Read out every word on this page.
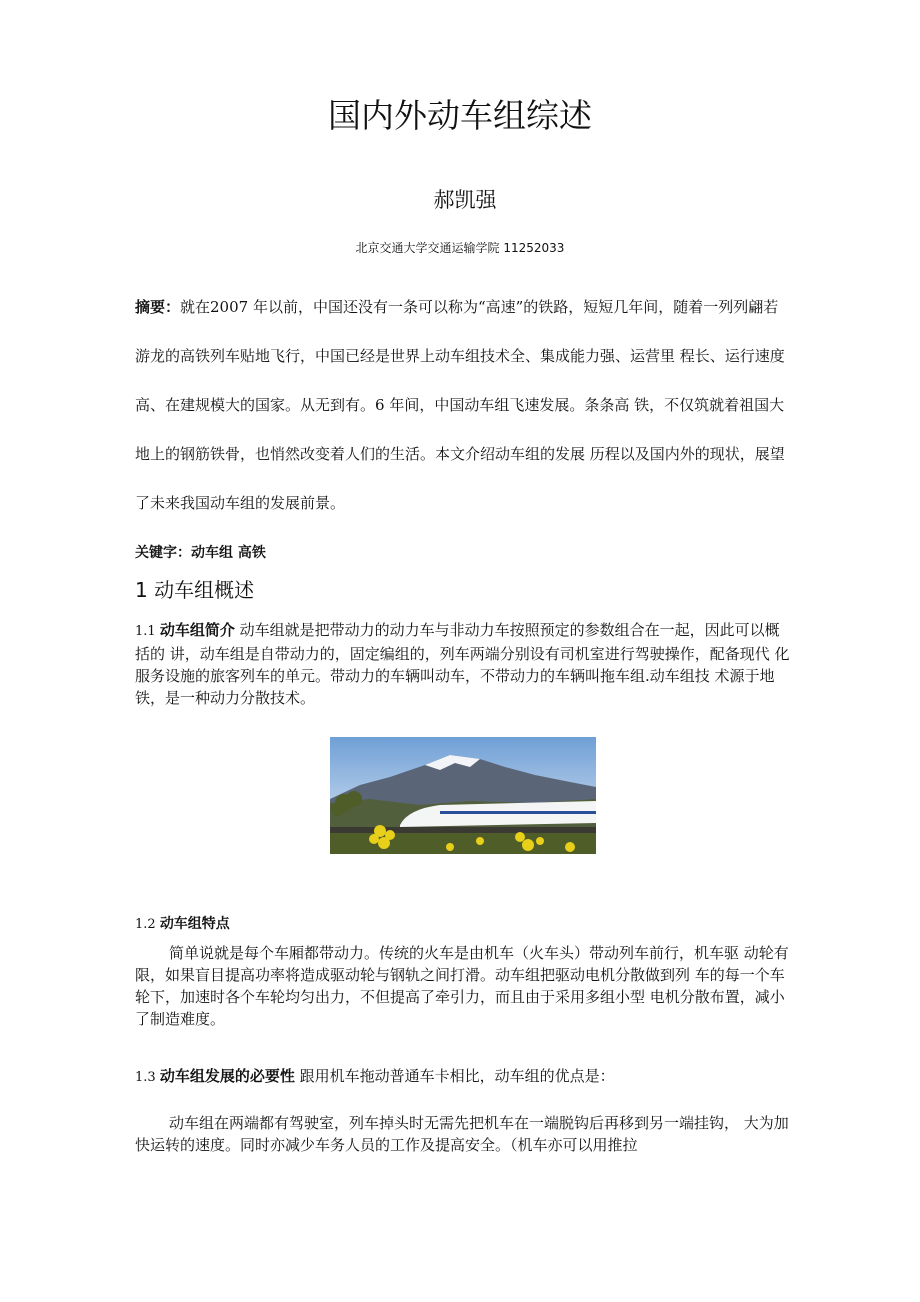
国内外动车组综述
郝凯强
北京交通大学交通运输学院 11252033

摘要：就在2007 年以前，中国还没有一条可以称为“高速”的铁路，短短几年间，随着一列列翩若游龙的高铁列车贴地飞行，中国已经是世界上动车组技术全、集成能力强、运营里 程长、运行速度高、在建规模大的国家。从无到有。6 年间，中国动车组飞速发展。条条高 铁，不仅筑就着祖国大地上的钢筋铁骨，也悄然改变着人们的生活。本文介绍动车组的发展 历程以及国内外的现状，展望了未来我国动车组的发展前景。

关键字：动车组 高铁
1 动车组概述

1.1 动车组简介 动车组就是把带动力的动力车与非动力车按照预定的参数组合在一起，因此可以概括的 讲，动车组是自带动力的，固定编组的，列车两端分别设有司机室进行驾驶操作，配备现代 化服务设施的旅客列车的单元。带动力的车辆叫动车，不带动力的车辆叫拖车组.动车组技 术源于地铁，是一种动力分散技术。

1.2 动车组特点

简单说就是每个车厢都带动力。传统的火车是由机车（火车头）带动列车前行，机车驱 动轮有限，如果盲目提高功率将造成驱动轮与钢轨之间打滑。动车组把驱动电机分散做到列 车的每一个车轮下，加速时各个车轮均匀出力，不但提高了牵引力，而且由于采用多组小型 电机分散布置，减小了制造难度。

1.3 动车组发展的必要性 跟用机车拖动普通车卡相比，动车组的优点是：

动车组在两端都有驾驶室，列车掉头时无需先把机车在一端脱钩后再移到另一端挂钩， 大为加快运转的速度。同时亦减少车务人员的工作及提高安全。（机车亦可以用推拉
